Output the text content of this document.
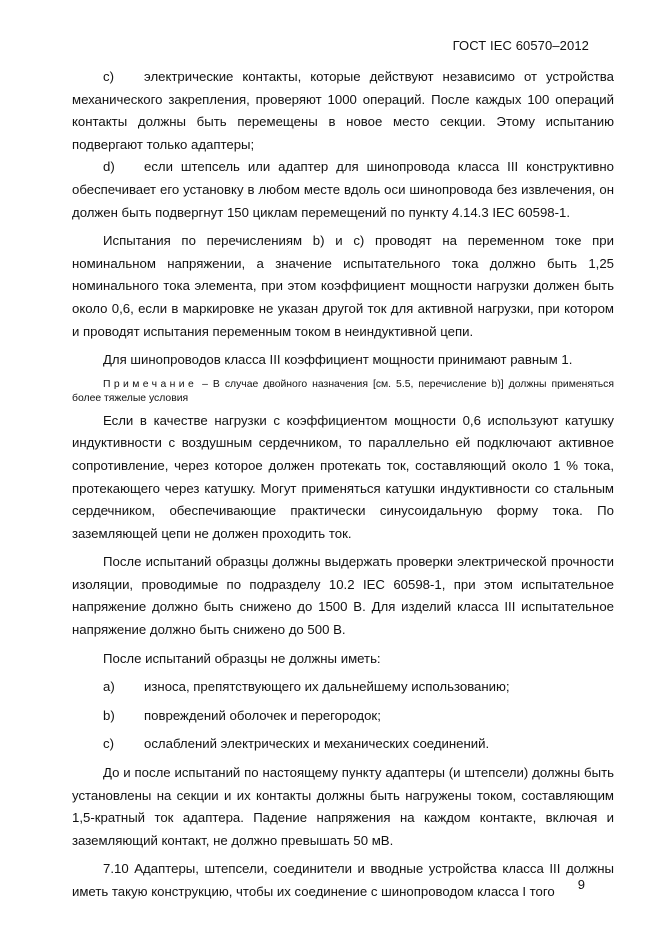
ГОСТ IEC 60570–2012
с) электрические контакты, которые действуют независимо от устройства механического закрепления, проверяют 1000 операций. После каждых 100 операций контакты должны быть перемещены в новое место секции. Этому испытанию подвергают только адаптеры;
d) если штепсель или адаптер для шинопровода класса III конструктивно обеспечивает его установку в любом месте вдоль оси шинопровода без извлечения, он должен быть подвергнут 150 циклам перемещений по пункту 4.14.3 IEC 60598-1.

Испытания по перечислениям b) и с) проводят на переменном токе при номинальном напряжении, а значение испытательного тока должно быть 1,25 номинального тока элемента, при этом коэффициент мощности нагрузки должен быть около 0,6, если в маркировке не указан другой ток для активной нагрузки, при котором и проводят испытания переменным током в неиндуктивной цепи.

Для шинопроводов класса III коэффициент мощности принимают равным 1.

Примечание – В случае двойного назначения [см. 5.5, перечисление b)] должны применяться более тяжелые условия

Если в качестве нагрузки с коэффициентом мощности 0,6 используют катушку индуктивности с воздушным сердечником, то параллельно ей подключают активное сопротивление, через которое должен протекать ток, составляющий около 1 % тока, протекающего через катушку. Могут применяться катушки индуктивности со стальным сердечником, обеспечивающие практически синусоидальную форму тока. По заземляющей цепи не должен проходить ток.

После испытаний образцы должны выдержать проверки электрической прочности изоляции, проводимые по подразделу 10.2 IEC 60598-1, при этом испытательное напряжение должно быть снижено до 1500 В. Для изделий класса III испытательное напряжение должно быть снижено до 500 В.

После испытаний образцы не должны иметь:

а) износа, препятствующего их дальнейшему использованию;
b) повреждений оболочек и перегородок;
с) ослаблений электрических и механических соединений.

До и после испытаний по настоящему пункту адаптеры (и штепсели) должны быть установлены на секции и их контакты должны быть нагружены током, составляющим 1,5-кратный ток адаптера. Падение напряжения на каждом контакте, включая и заземляющий контакт, не должно превышать 50 мВ.

7.10 Адаптеры, штепсели, соединители и вводные устройства класса III должны иметь такую конструкцию, чтобы их соединение с шинопроводом класса I того	9
